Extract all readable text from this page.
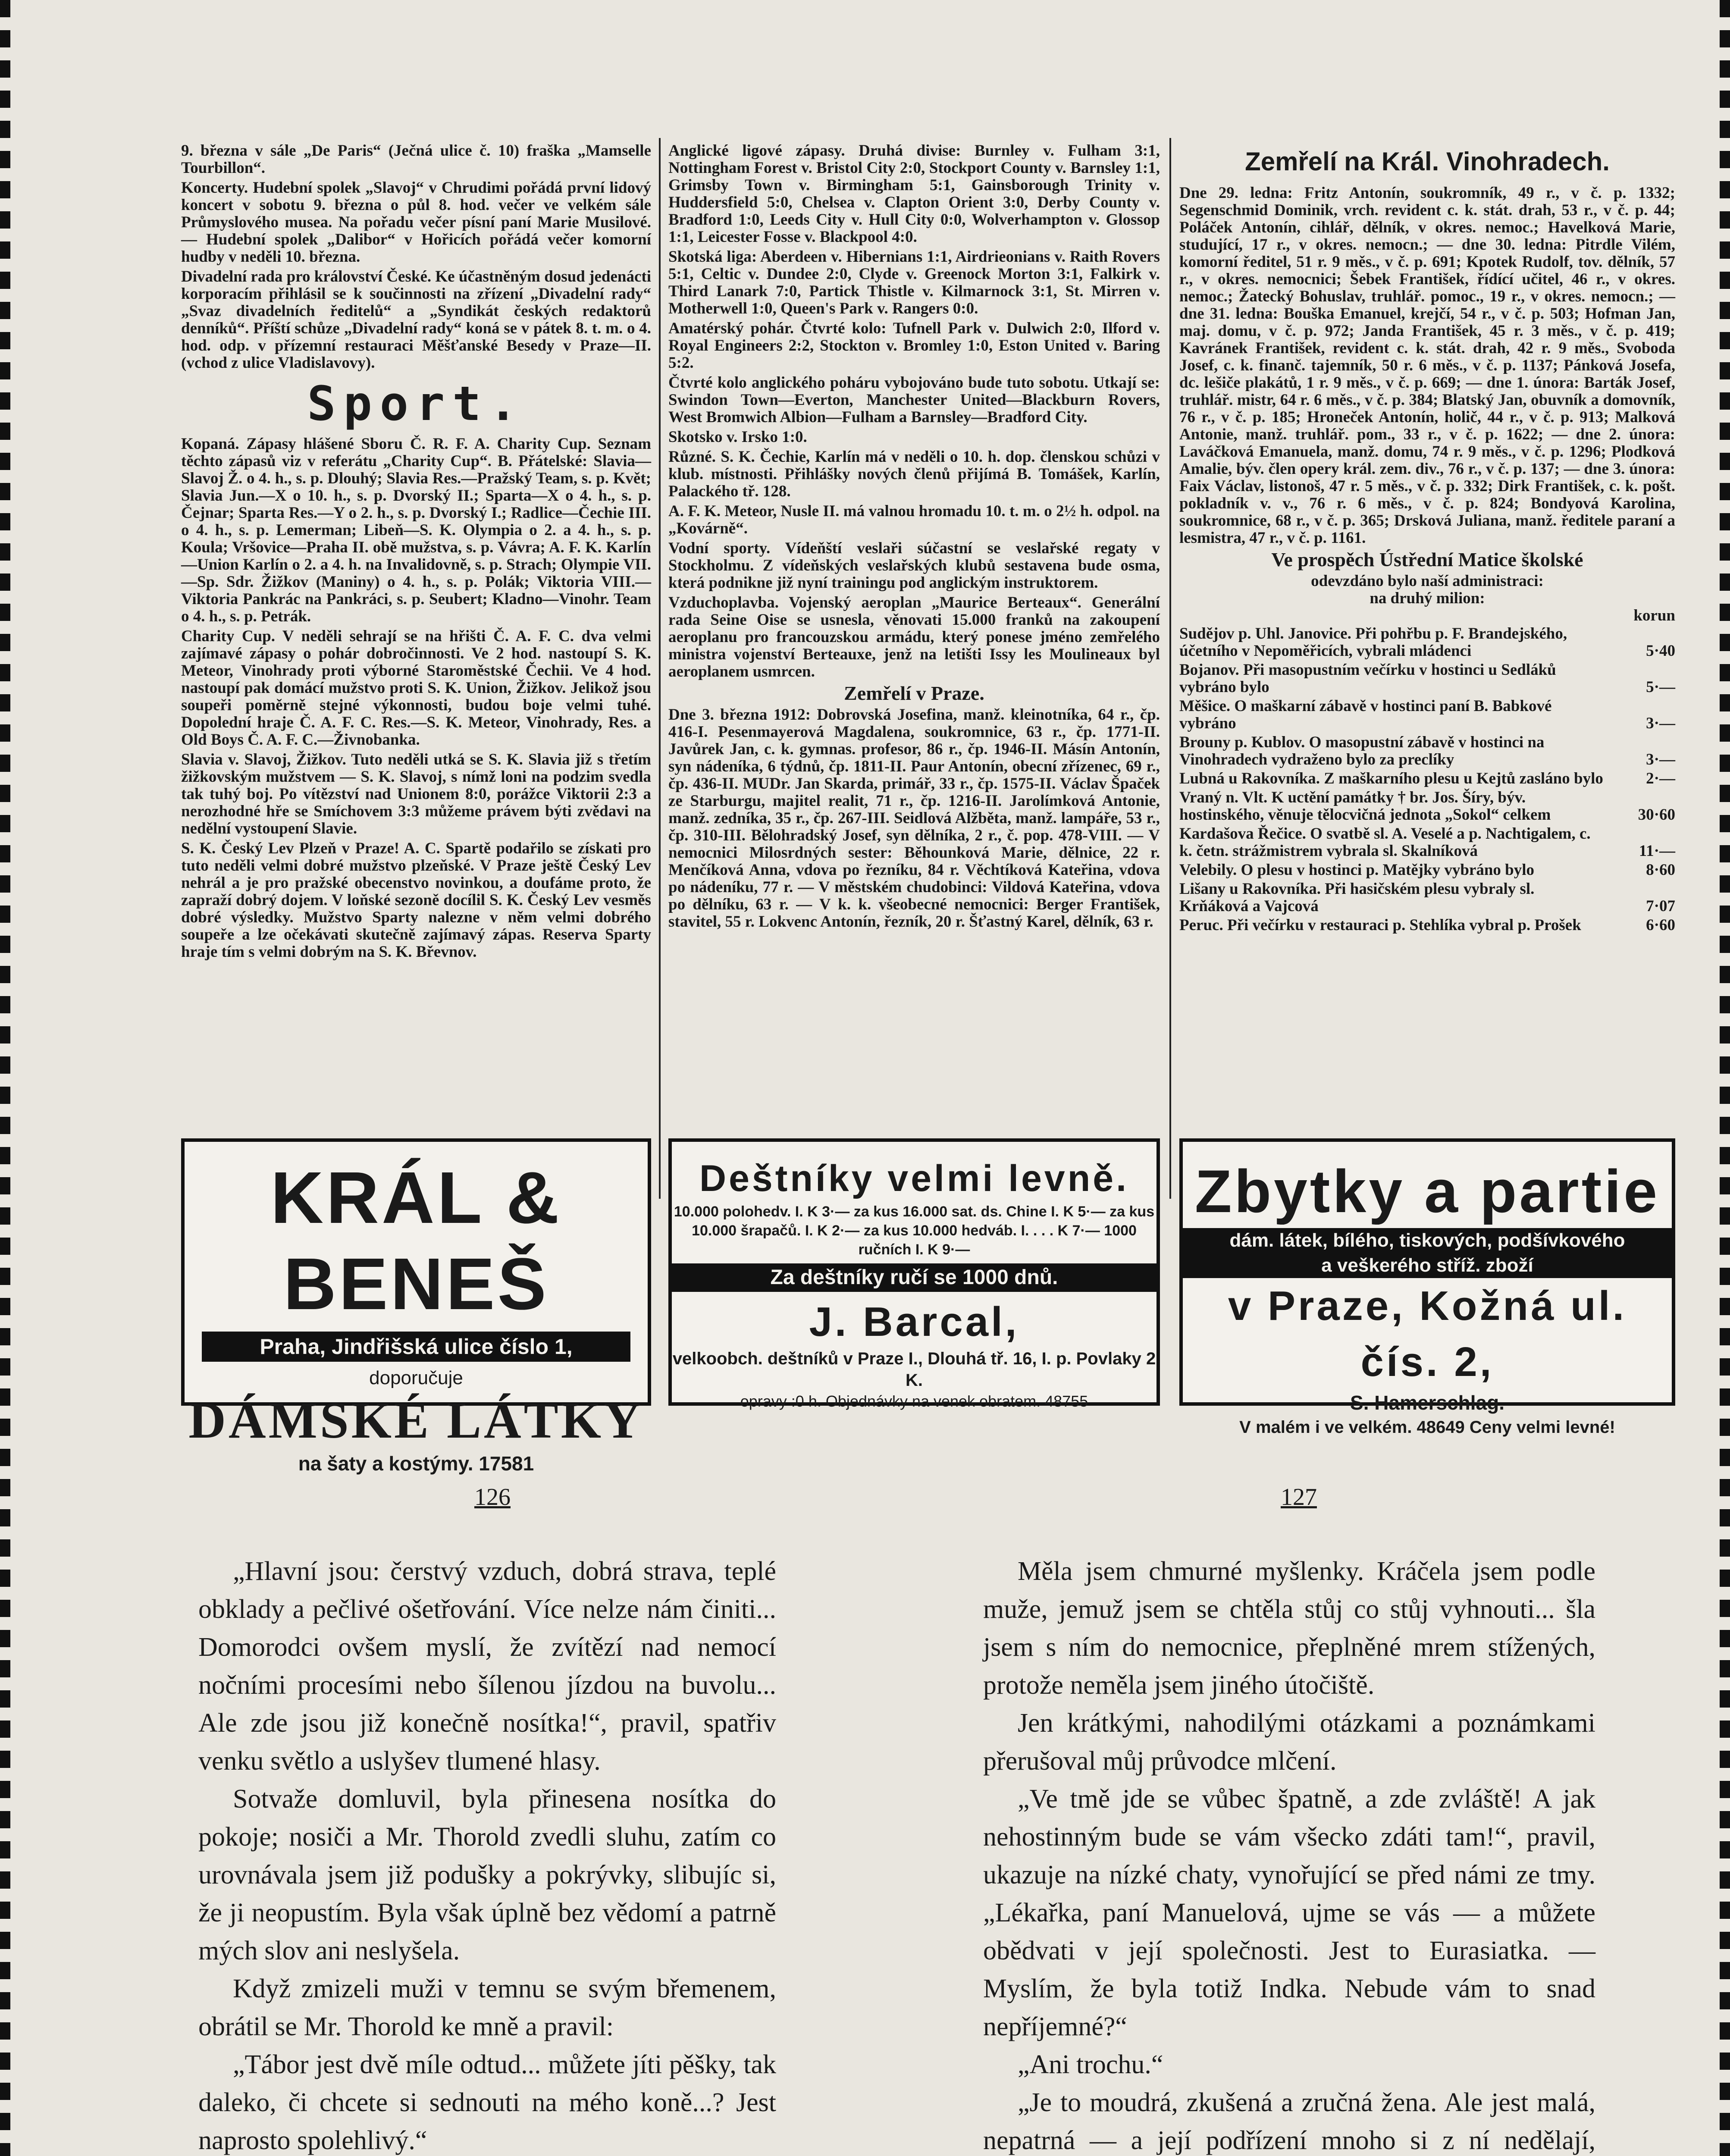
9. března v sále „De Paris“ (Ječná ulice č. 10) fraška „Mamselle Tourbillon“.

Koncerty. Hudební spolek „Slavoj“ v Chrudimi pořádá první lidový koncert v sobotu 9. března o půl 8. hod. večer ve velkém sále Průmyslového musea. Na pořadu večer písní paní Marie Musilové. — Hudební spolek „Dalibor“ v Hořicích pořádá večer komorní hudby v neděli 10. března.

Divadelní rada pro království České. Ke účastněným dosud jedenácti korporacím přihlásil se k součinnosti na zřízení „Divadelní rady“ „Svaz divadelních ředitelů“ a „Syndikát českých redaktorů denníků“. Příští schůze „Divadelní rady“ koná se v pátek 8. t. m. o 4. hod. odp. v přízemní restauraci Měšťanské Besedy v Praze—II. (vchod z ulice Vladislavovy).

Sport.

Kopaná. Zápasy hlášené Sboru Č. R. F. A. Charity Cup. Seznam těchto zápasů viz v referátu „Charity Cup“. B. Přátelské: Slavia—Slavoj Ž. o 4. h., s. p. Dlouhý; Slavia Res.—Pražský Team, s. p. Květ; Slavia Jun.—X o 10. h., s. p. Dvorský II.; Sparta—X o 4. h., s. p. Čejnar; Sparta Res.—Y o 2. h., s. p. Dvorský I.; Radlice—Čechie III. o 4. h., s. p. Lemerman; Libeň—S. K. Olympia o 2. a 4. h., s. p. Koula; Vršovice—Praha II. obě mužstva, s. p. Vávra; A. F. K. Karlín—Union Karlín o 2. a 4. h. na Invalidovně, s. p. Strach; Olympie VII.—Sp. Sdr. Žižkov (Maniny) o 4. h., s. p. Polák; Viktoria VIII.—Viktoria Pankrác na Pankráci, s. p. Seubert; Kladno—Vinohr. Team o 4. h., s. p. Petrák.

Charity Cup. V neděli sehrají se na hřišti Č. A. F. C. dva velmi zajímavé zápasy o pohár dobročinnosti. Ve 2 hod. nastoupí S. K. Meteor, Vinohrady proti výborné Staroměstské Čechii. Ve 4 hod. nastoupí pak domácí mužstvo proti S. K. Union, Žižkov. Jelikož jsou soupeři poměrně stejné výkonnosti, budou boje velmi tuhé. Dopolední hraje Č. A. F. C. Res.—S. K. Meteor, Vinohrady, Res. a Old Boys Č. A. F. C.—Živnobanka.

Slavia v. Slavoj, Žižkov. Tuto neděli utká se S. K. Slavia již s třetím žižkovským mužstvem — S. K. Slavoj, s nímž loni na podzim svedla tak tuhý boj. Po vítězství nad Unionem 8:0, porážce Viktorii 2:3 a nerozhodné hře se Smíchovem 3:3 můžeme právem býti zvědavi na nedělní vystoupení Slavie.

S. K. Český Lev Plzeň v Praze! A. C. Spartě podařilo se získati pro tuto neděli velmi dobré mužstvo plzeňské. V Praze ještě Český Lev nehrál a je pro pražské obecenstvo novinkou, a doufáme proto, že zapraží dobrý dojem. V loňské sezoně docílil S. K. Český Lev vesměs dobré výsledky. Mužstvo Sparty nalezne v něm velmi dobrého soupeře a lze očekávati skutečně zajímavý zápas. Reserva Sparty hraje tím s velmi dobrým na S. K. Břevnov.

Anglické ligové zápasy. Druhá divise: Burnley v. Fulham 3:1, Nottingham Forest v. Bristol City 2:0, Stockport County v. Barnsley 1:1, Grimsby Town v. Birmingham 5:1, Gainsborough Trinity v. Huddersfield 5:0, Chelsea v. Clapton Orient 3:0, Derby County v. Bradford 1:0, Leeds City v. Hull City 0:0, Wolverhampton v. Glossop 1:1, Leicester Fosse v. Blackpool 4:0.

Skotská liga: Aberdeen v. Hibernians 1:1, Airdrieonians v. Raith Rovers 5:1, Celtic v. Dundee 2:0, Clyde v. Greenock Morton 3:1, Falkirk v. Third Lanark 7:0, Partick Thistle v. Kilmarnock 3:1, St. Mirren v. Motherwell 1:0, Queen's Park v. Rangers 0:0.

Amatérský pohár. Čtvrté kolo: Tufnell Park v. Dulwich 2:0, Ilford v. Royal Engineers 2:2, Stockton v. Bromley 1:0, Eston United v. Baring 5:2.

Čtvrté kolo anglického poháru vybojováno bude tuto sobotu. Utkají se: Swindon Town—Everton, Manchester United—Blackburn Rovers, West Bromwich Albion—Fulham a Barnsley—Bradford City.

Skotsko v. Irsko 1:0.

Různé. S. K. Čechie, Karlín má v neděli o 10. h. dop. členskou schůzi v klub. místnosti. Přihlášky nových členů přijímá B. Tomášek, Karlín, Palackého tř. 128.

A. F. K. Meteor, Nusle II. má valnou hromadu 10. t. m. o 2½ h. odpol. na „Kovárně“.

Vodní sporty. Vídeňští veslaři súčastní se veslařské regaty v Stockholmu. Z vídeňských veslařských klubů sestavena bude osma, která podnikne již nyní trainingu pod anglickým instruktorem.

Vzduchoplavba. Vojenský aeroplan „Maurice Berteaux“. Generální rada Seine Oise se usnesla, věnovati 15.000 franků na zakoupení aeroplanu pro francouzskou armádu, který ponese jméno zemřelého ministra vojenství Berteauxe, jenž na letišti Issy les Moulineaux byl aeroplanem usmrcen.

Zemřelí v Praze.

Dne 3. března 1912: Dobrovská Josefina, manž. kleinotníka, 64 r., čp. 416-I. Pesenmayerová Magdalena, soukromnice, 63 r., čp. 1771-II. Javůrek Jan, c. k. gymnas. profesor, 86 r., čp. 1946-II. Másín Antonín, syn nádeníka, 6 týdnů, čp. 1811-II. Paur Antonín, obecní zřízenec, 69 r., čp. 436-II. MUDr. Jan Skarda, primář, 33 r., čp. 1575-II. Václav Špaček ze Starburgu, majitel realit, 71 r., čp. 1216-II. Jarolímková Antonie, manž. zedníka, 35 r., čp. 267-III. Seidlová Alžběta, manž. lampáře, 53 r., čp. 310-III. Bělohradský Josef, syn dělníka, 2 r., č. pop. 478-VIII. — V nemocnici Milosrdných sester: Běhounková Marie, dělnice, 22 r. Menčíková Anna, vdova po řezníku, 84 r. Věchtíková Kateřina, vdova po nádeníku, 77 r. — V městském chudobinci: Vildová Kateřina, vdova po dělníku, 63 r. — V k. k. všeobecné nemocnici: Berger František, stavitel, 55 r. Lokvenc Antonín, řezník, 20 r. Šťastný Karel, dělník, 63 r.

Zemřelí na Král. Vinohradech.

Dne 29. ledna: Fritz Antonín, soukromník, 49 r., v č. p. 1332; Segenschmid Dominik, vrch. revident c. k. stát. drah, 53 r., v č. p. 44; Poláček Antonín, cihlář, dělník, v okres. nemoc.; Havelková Marie, studující, 17 r., v okres. nemocn.; — dne 30. ledna: Pitrdle Vilém, komorní ředitel, 51 r. 9 měs., v č. p. 691; Kpotek Rudolf, tov. dělník, 57 r., v okres. nemocnici; Šebek František, řídící učitel, 46 r., v okres. nemoc.; Žatecký Bohuslav, truhlář. pomoc., 19 r., v okres. nemocn.; — dne 31. ledna: Bouška Emanuel, krejčí, 54 r., v č. p. 503; Hofman Jan, maj. domu, v č. p. 972; Janda František, 45 r. 3 měs., v č. p. 419; Kavránek František, revident c. k. stát. drah, 42 r. 9 měs., Svoboda Josef, c. k. finanč. tajemník, 50 r. 6 měs., v č. p. 1137; Pánková Josefa, dc. lešiče plakátů, 1 r. 9 měs., v č. p. 669; — dne 1. února: Barták Josef, truhlář. mistr, 64 r. 6 měs., v č. p. 384; Blatský Jan, obuvník a domovník, 76 r., v č. p. 185; Hroneček Antonín, holič, 44 r., v č. p. 913; Malková Antonie, manž. truhlář. pom., 33 r., v č. p. 1622; — dne 2. února: Laváčková Emanuela, manž. domu, 74 r. 9 měs., v č. p. 1296; Plodková Amalie, býv. člen opery král. zem. div., 76 r., v č. p. 137; — dne 3. února: Faix Václav, listonoš, 47 r. 5 měs., v č. p. 332; Dirk František, c. k. pošt. pokladník v. v., 76 r. 6 měs., v č. p. 824; Bondyová Karolina, soukromnice, 68 r., v č. p. 365; Drsková Juliana, manž. ředitele paraní a lesmistra, 47 r., v č. p. 1161.

Ve prospěch Ústřední Matice školské
odevzdáno bylo naší administraci:
na druhý milion:
korun
Sudějov p. Uhl. Janovice. Při pohřbu p. F. Brandejského, účetního v Nepoměřicích, vybrali mládenci	5·40
Bojanov. Při masopustním večírku v hostinci u Sedláků vybráno bylo	5·—
Měšice. O maškarní zábavě v hostinci paní B. Babkové vybráno	3·—
Brouny p. Kublov. O masopustní zábavě v hostinci na Vinohradech vydraženo bylo za preclíky	3·—
Lubná u Rakovníka. Z maškarního plesu u Kejtů zasláno bylo	2·—
Vraný n. Vlt. K uctění památky † br. Jos. Šíry, býv. hostinského, věnuje tělocvičná jednota „Sokol“ celkem	30·60
Kardašova Řečice. O svatbě sl. A. Veselé a p. Nachtigalem, c. k. četn. strážmistrem vybrala sl. Skalníková	11·—
Velebily. O plesu v hostinci p. Matějky vybráno bylo	8·60
Lišany u Rakovníka. Při hasičském plesu vybraly sl. Krňáková a Vajcová	7·07
Peruc. Při večírku v restauraci p. Stehlíka vybral p. Prošek	6·60
KRÁL & BENEŠ
Praha, Jindřišská ulice číslo 1,
doporučuje
DÁMSKÉ LÁTKY
na šaty a kostýmy. 17581
Deštníky velmi levně.
10.000 polohedv. I. K 3·— za kus 16.000 sat. ds. Chine I. K 5·— za kus
10.000 šrapačů. I. K 2·— za kus 10.000 hedváb. I. . . . K 7·— 1000 ručních I. K 9·—
Za deštníky ručí se 1000 dnů.
J. Barcal,
velkoobch. deštníků v Praze I., Dlouhá tř. 16, I. p. Povlaky 2 K.
opravy :0 h. Objednávky na venek obratem. 48755
Zbytky a partie
dám. látek, bílého, tiskových, podšívkového
a veškerého stříž. zboží
v Praze, Kožná ul. čís. 2,
S. Hamerschlag.
V malém i ve velkém. 48649 Ceny velmi levné!
126	127

„Hlavní jsou: čerstvý vzduch, dobrá strava, teplé obklady a pečlivé ošetřování. Více nelze nám činiti... Domorodci ovšem myslí, že zvítězí nad nemocí nočními procesími nebo šílenou jízdou na buvolu... Ale zde jsou již konečně nosítka!“, pravil, spatřiv venku světlo a uslyšev tlumené hlasy.

Sotvaže domluvil, byla přinesena nosítka do pokoje; nosiči a Mr. Thorold zvedli sluhu, zatím co urovnávala jsem již podušky a pokrývky, slibujíc si, že ji neopustím. Byla však úplně bez vědomí a patrně mých slov ani neslyšela.

Když zmizeli muži v temnu se svým břemenem, obrátil se Mr. Thorold ke mně a pravil:

„Tábor jest dvě míle odtud... můžete jíti pěšky, tak daleko, či chcete si sednouti na mého koně...? Jest naprosto spolehlivý.“

Měla jsem chmurné myšlenky. Kráčela jsem podle muže, jemuž jsem se chtěla stůj co stůj vyhnouti... šla jsem s ním do nemocnice, přeplněné mrem stížených, protože neměla jsem jiného útočiště.

Jen krátkými, nahodilými otázkami a poznámkami přerušoval můj průvodce mlčení.

„Ve tmě jde se vůbec špatně, a zde zvláště! A jak nehostinným bude se vám všecko zdáti tam!“, pravil, ukazuje na nízké chaty, vynořující se před námi ze tmy. „Lékařka, paní Manuelová, ujme se vás — a můžete obědvati v její společnosti. Jest to Eurasiatka. — Myslím, že byla totiž Indka. Nebude vám to snad nepříjemné?“

„Ani trochu.“

„Je to moudrá, zkušená a zručná žena. Ale jest malá, nepatrná — a její podřízení mnoho si z ní nedělají,
